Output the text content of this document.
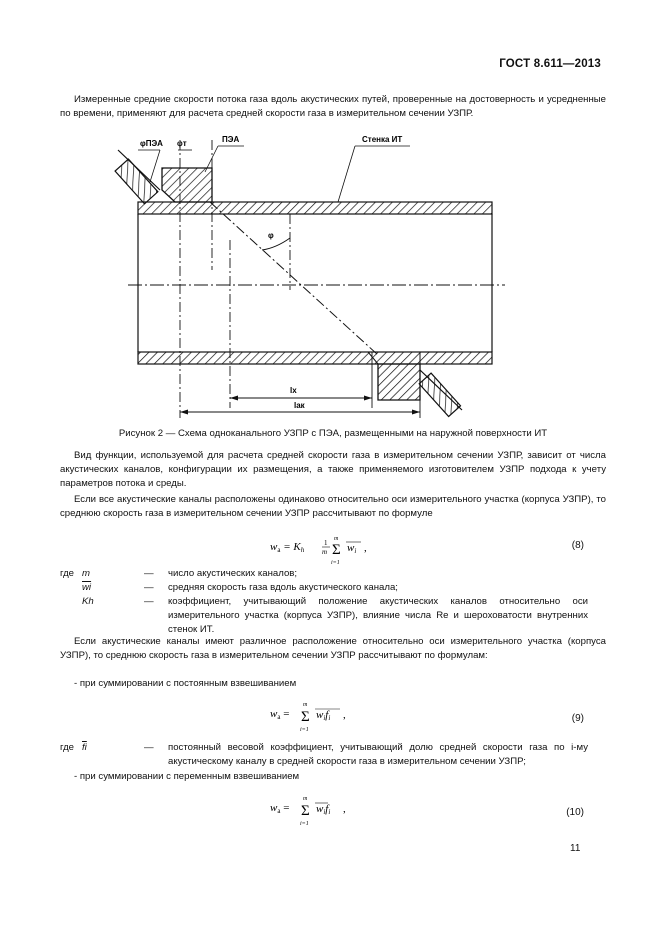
ГОСТ 8.611—2013
Измеренные средние скорости потока газа вдоль акустических путей, проверенные на достоверность и усредненные по времени, применяют для расчета средней скорости газа в измерительном сечении УЗПР.
φПЭА φт	ПЭА	Стенка ИТ
φ
lx
lак
Рисунок 2 — Схема одноканального УЗПР с ПЭА, размещенными на наружной поверхности ИТ
Вид функции, используемой для расчета средней скорости газа в измерительном сечении УЗПР, зависит от числа акустических каналов, конфигурации их размещения, а также применяемого изготовителем УЗПР подхода к учету параметров потока и среды.
Если все акустические каналы расположены одинаково относительно оси измерительного участка (корпуса УЗПР), то среднюю скорость газа в измерительном сечении УЗПР рассчитывают по формуле
wа = Kh
1
m
m
Σ
i=1
wi ,	(8)
где m	— число акустических каналов;
$\overline{wi}$	— средняя скорость газа вдоль акустического канала;
Kh	— коэффициент, учитывающий положение акустических каналов относительно оси измерительного участка (корпуса УЗПР), влияние числа Re и шероховатости внутренних стенок ИТ.
Если акустические каналы имеют различное расположение относительно оси измерительного участка (корпуса УЗПР), то среднюю скорость газа в измерительном сечении УЗПР рассчитывают по формулам:
- при суммировании с постоянным взвешиванием
wа =
m
Σ
i=1
wifi ,	(9)
где $\overline{fi}$	— постоянный весовой коэффициент, учитывающий долю средней скорости газа по i-му акустическому каналу в средней скорости газа в измерительном сечении УЗПР;
- при суммировании с переменным взвешиванием
wа =
m
Σ
i=1
wifi ,	(10)
11
